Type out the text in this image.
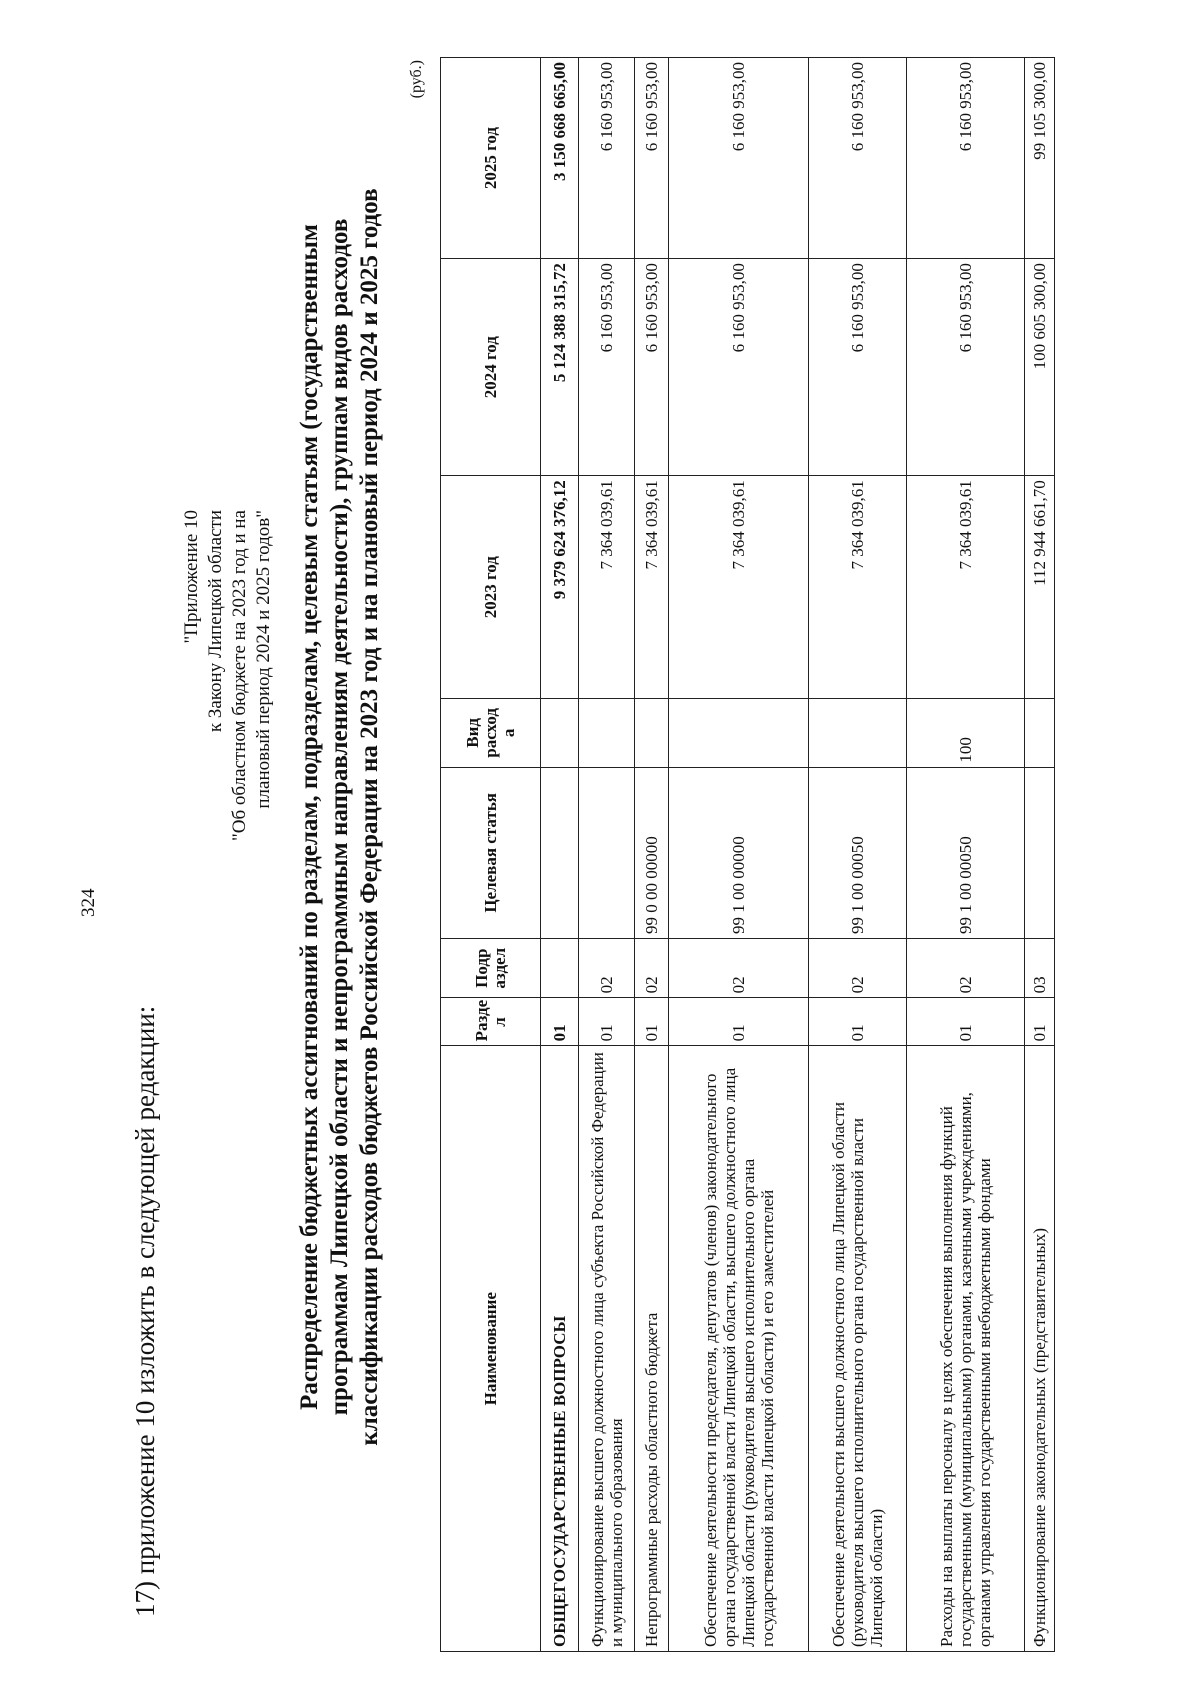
324
17) приложение 10 изложить в следующей редакции:
"Приложение 10 к Закону Липецкой области "Об областном бюджете на 2023 год и на плановый период 2024 и 2025 годов" Распределение бюджетных ассигнований по разделам, подразделам, целевым статьям (государственным программам Липецкой области и непрограммным направлениям деятельности), группам видов расходов классификации расходов бюджетов Российской Федерации на 2023 год и на плановый период 2024 и 2025 годов
(руб.)
Наименование	Разде л	Подр аздел	Целевая статья	Вид расход а	2023 год	2024 год	2025 год
ОБЩЕГОСУДАРСТВЕННЫЕ ВОПРОСЫ	01				9 379 624 376,12	5 124 388 315,72	3 150 668 665,00
Функционирование высшего должностного лица субъекта Российской Федерации и муниципального образования	01	02			7 364 039,61	6 160 953,00	6 160 953,00
Непрограммные расходы областного бюджета	01	02	99 0 00 00000		7 364 039,61	6 160 953,00	6 160 953,00
Обеспечение деятельности председателя, депутатов (членов) законодательного органа государственной власти Липецкой области, высшего должностного лица Липецкой области (руководителя высшего исполнительного органа государственной власти Липецкой области) и его заместителей	01	02	99 1 00 00000		7 364 039,61	6 160 953,00	6 160 953,00
Обеспечение деятельности высшего должностного лица Липецкой области (руководителя высшего исполнительного органа государственной власти Липецкой области)	01	02	99 1 00 00050		7 364 039,61	6 160 953,00	6 160 953,00
Расходы на выплаты персоналу в целях обеспечения выполнения функций государственными (муниципальными) органами, казенными учреждениями, органами управления государственными внебюджетными фондами	01	02	99 1 00 00050	100	7 364 039,61	6 160 953,00	6 160 953,00
Функционирование законодательных (представительных)	01	03			112 944 661,70	100 605 300,00	99 105 300,00
